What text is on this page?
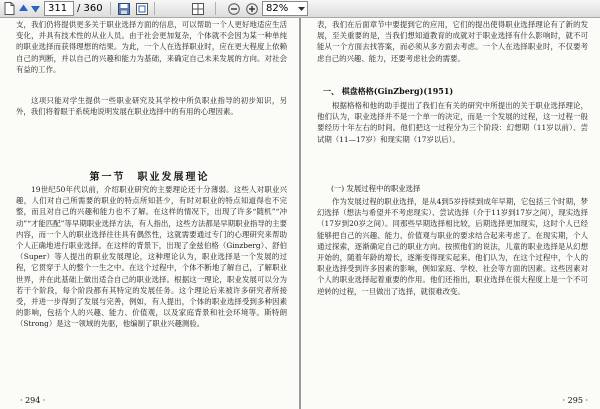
311 / 360	82%
支，我们仍将提供更多关于职业选择方面的信息，可以帮助一个人更好地适应生活变化，并具有技术性的从业人员。由于社会更加复杂，个体就不会因为某一种单纯的职业选择而获得理想的结果。为此，一个人在选择职业时，应在更大程度上依赖自己的判断，并以自己的兴趣和能力为基础，来确定自己未来发展的方向。对社会有益的工作。
这项只能对学生提供一些职业研究及其学校中所负职业指导的初步知识，另外，我们将着眼于系统地说明发展在职业选择中的有用的心理因素。
第一节　职业发展理论
19世纪50年代以前，介绍职业研究的主要理论还十分薄弱。这些人对职业兴趣，人们对自己所需要的职业的特点所知甚少，有时对职业的特点知道得也不完整，而且对自己的兴趣和能力也不了解。在这样的情况下，出现了许多“随机”“冲动”“才能匹配”等早期职业选择方法，有人指出，这些方法都是早期职业指导的主要内容，而一个人的职业选择往往具有偶然性，这就需要通过专门的心理研究来帮助个人正确地进行职业选择。在这样的背景下，出现了金兹伯格（Ginzberg）、舒伯（Super）等人提出的职业发展理论，这种理论认为，职业选择是一个发展的过程，它贯穿于人的整个一生之中。在这个过程中，个体不断地了解自己，了解职业世界，并在此基础上做出适合自己的职业选择。根据这一理论，职业发展可以分为若干个阶段，每个阶段都有其特定的发展任务。这个理论后来被许多研究者所接受，并进一步得到了发展与完善，例如，有人提出，个体的职业选择受到多种因素的影响，包括个人的兴趣、能力、价值观，以及家庭背景和社会环境等。斯特朗（Strong）是这一领域的先驱，他编制了职业兴趣测验。
· 294 ·
表，我们在后面章节中要提到它的应用，它们的提出使得职业选择理论有了新的发展，至关重要的是，当我们想知道教育的成就对于职业选择有什么影响时，就不可能从一个方面去找答案，而必须从多方面去考虑。一个人在选择职业时，不仅要考虑自己的兴趣、能力，还要考虑社会的需要。
一、 棋盘格格(GinZberg)(1951)
根据格格和他的助手提出了我们在有关的研究中所提出的关于职业选择理论，他们认为，职业选择并不是一个单一的决定，而是一个发展的过程，这一过程一般要经历十年左右的时间。他们把这一过程分为三个阶段：幻想期（11岁以前）、尝试期（11—17岁）和现实期（17岁以后）。
(一) 发展过程中的职业选择
作为发展过程的职业选择，是从4到5岁持续到成年早期，它包括三个时期，梦幻选择（想法与希望并不考虑现实）、尝试选择（介于11岁到17岁之间），现实选择（17岁到20岁之间）。同那些早期选择相比较，后期选择更加现实，这时个人已经能够把自己的兴趣、能力、价值观与职业的要求结合起来考虑了。在现实期，个人通过探索，逐渐确定自己的职业方向。按照他们的说法，儿童的职业选择是从幻想开始的，随着年龄的增长，逐渐变得现实起来。他们认为，在这个过程中，个人的职业选择受到许多因素的影响，例如家庭、学校、社会等方面的因素。这些因素对个人的职业选择起着重要的作用。他们还指出，职业选择在很大程度上是一个不可逆转的过程，一旦做出了选择，就很难改变。
· 295 ·
